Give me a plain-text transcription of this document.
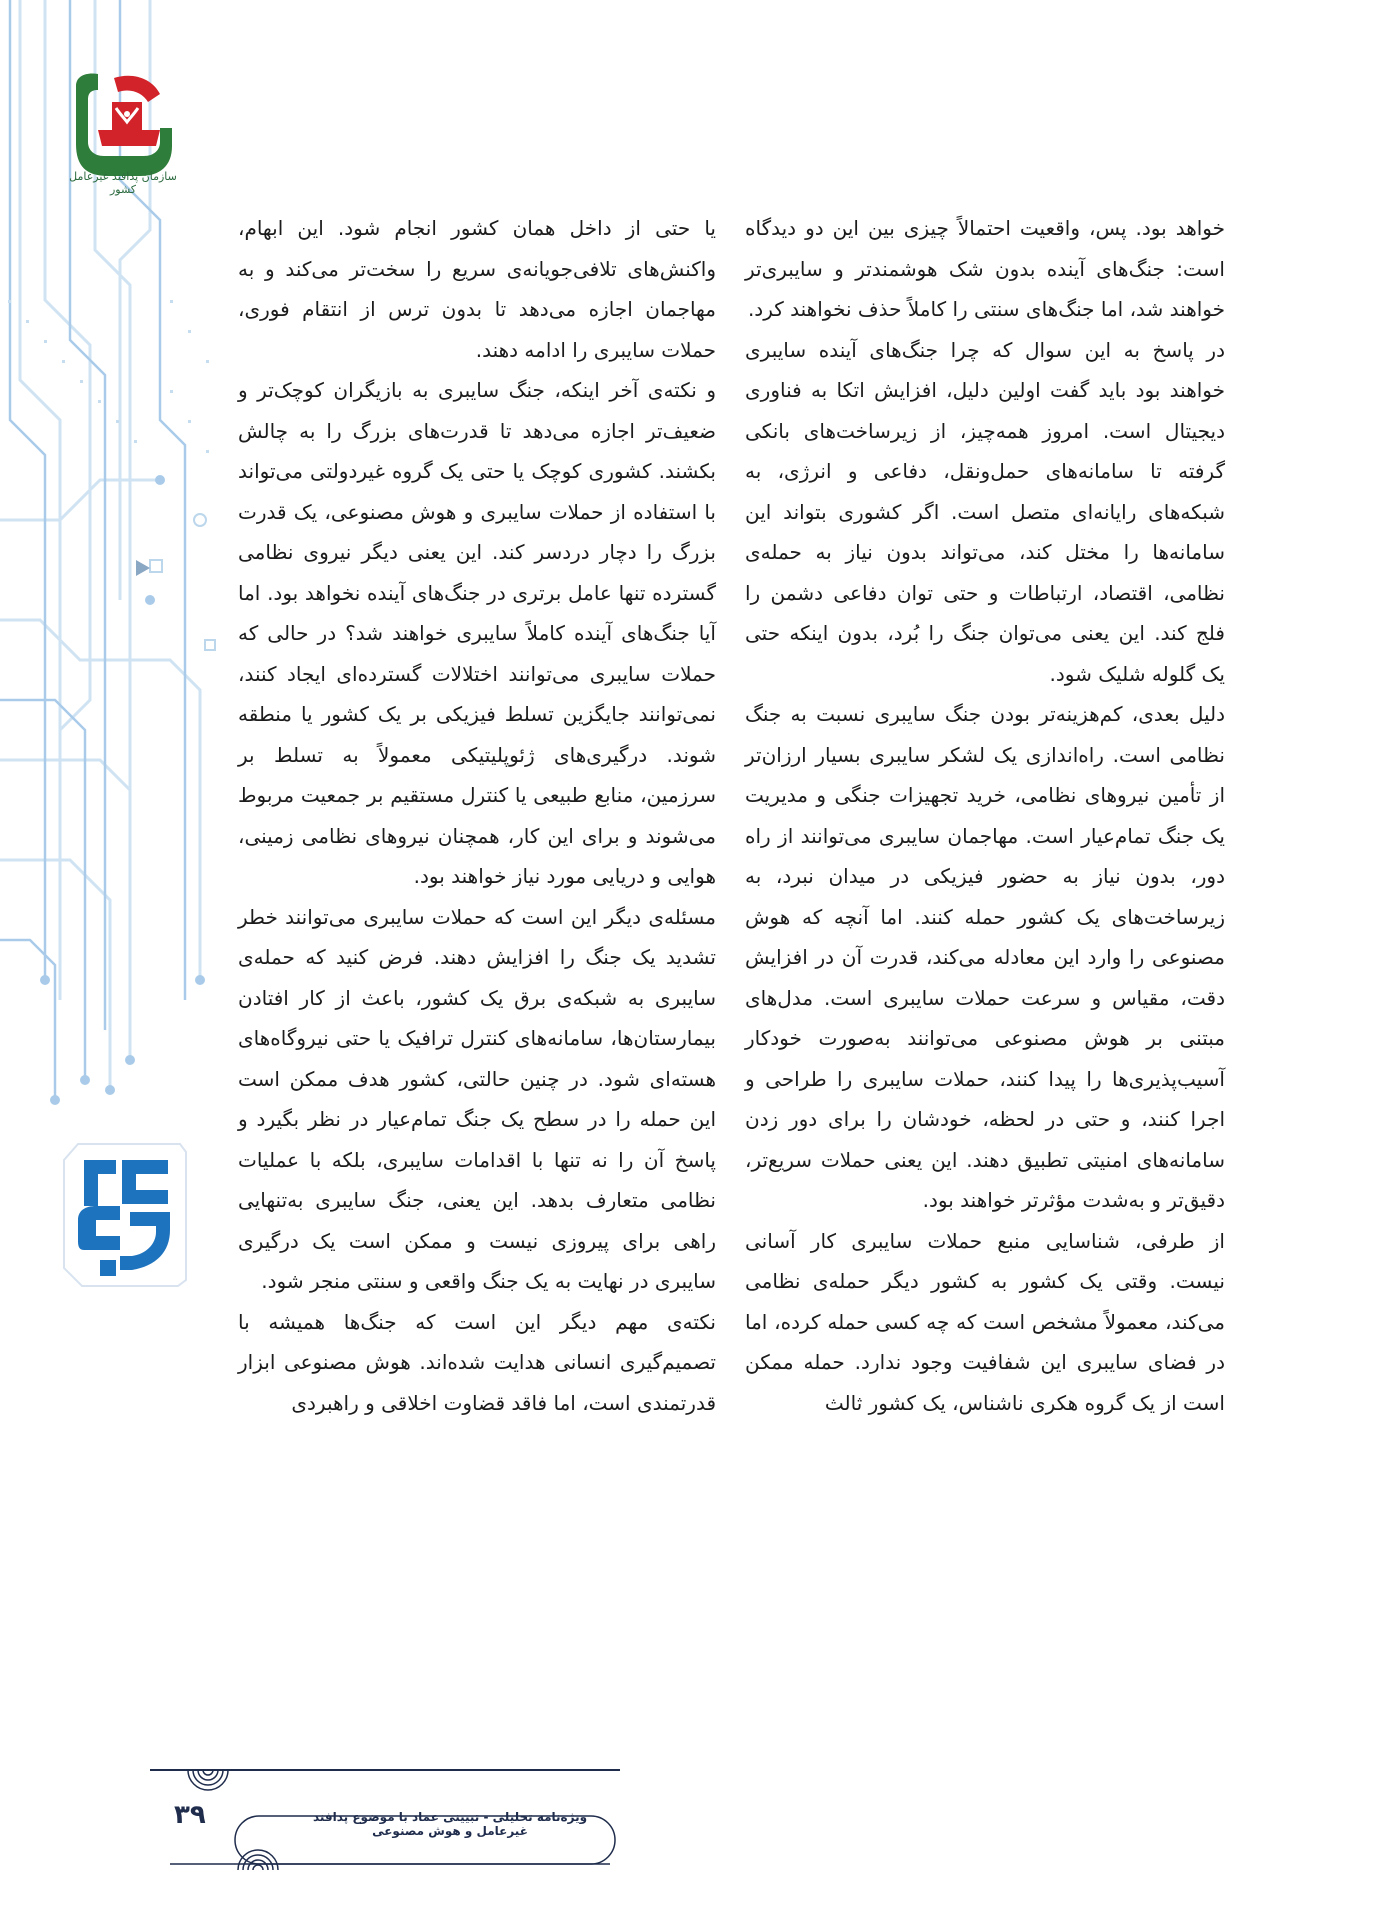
سازمان پدافند غیرعامل کشور

خواهد بود. پس، واقعیت احتمالاً چیزی بین این دو دیدگاه است: جنگ‌های آینده بدون شک هوشمندتر و سایبری‌تر خواهند شد، اما جنگ‌های سنتی را کاملاً حذف نخواهند کرد.

در پاسخ به این سوال که چرا جنگ‌های آینده سایبری خواهند بود باید گفت اولین دلیل، افزایش اتکا به فناوری دیجیتال است. امروز همه‌چیز، از زیرساخت‌های بانکی گرفته تا سامانه‌های حمل‌ونقل، دفاعی و انرژی، به شبکه‌های رایانه‌ای متصل است. اگر کشوری بتواند این سامانه‌ها را مختل کند، می‌تواند بدون نیاز به حمله‌ی نظامی، اقتصاد، ارتباطات و حتی توان دفاعی دشمن را فلج کند. این یعنی می‌توان جنگ را بُرد، بدون اینکه حتی یک گلوله شلیک شود.

دلیل بعدی، کم‌هزینه‌تر بودن جنگ سایبری نسبت به جنگ نظامی است. راه‌اندازی یک لشکر سایبری بسیار ارزان‌تر از تأمین نیروهای نظامی، خرید تجهیزات جنگی و مدیریت یک جنگ تمام‌عیار است. مهاجمان سایبری می‌توانند از راه دور، بدون نیاز به حضور فیزیکی در میدان نبرد، به زیرساخت‌های یک کشور حمله کنند. اما آنچه که هوش مصنوعی را وارد این معادله می‌کند، قدرت آن در افزایش دقت، مقیاس و سرعت حملات سایبری است. مدل‌های مبتنی بر هوش مصنوعی می‌توانند به‌صورت خودکار آسیب‌پذیری‌ها را پیدا کنند، حملات سایبری را طراحی و اجرا کنند، و حتی در لحظه، خودشان را برای دور زدن سامانه‌های امنیتی تطبیق دهند. این یعنی حملات سریع‌تر، دقیق‌تر و به‌شدت مؤثرتر خواهند بود.

از طرفی، شناسایی منبع حملات سایبری کار آسانی نیست. وقتی یک کشور به کشور دیگر حمله‌ی نظامی می‌کند، معمولاً مشخص است که چه کسی حمله کرده، اما در فضای سایبری این شفافیت وجود ندارد. حمله ممکن است از یک گروه هکری ناشناس، یک کشور ثالث

یا حتی از داخل همان کشور انجام شود. این ابهام، واکنش‌های تلافی‌جویانه‌ی سریع را سخت‌تر می‌کند و به مهاجمان اجازه می‌دهد تا بدون ترس از انتقام فوری، حملات سایبری را ادامه دهند.

و نکته‌ی آخر اینکه، جنگ سایبری به بازیگران کوچک‌تر و ضعیف‌تر اجازه می‌دهد تا قدرت‌های بزرگ را به چالش بکشند. کشوری کوچک یا حتی یک گروه غیردولتی می‌تواند با استفاده از حملات سایبری و هوش مصنوعی، یک قدرت بزرگ را دچار دردسر کند. این یعنی دیگر نیروی نظامی گسترده تنها عامل برتری در جنگ‌های آینده نخواهد بود. اما آیا جنگ‌های آینده کاملاً سایبری خواهند شد؟ در حالی که حملات سایبری می‌توانند اختلالات گسترده‌ای ایجاد کنند، نمی‌توانند جایگزین تسلط فیزیکی بر یک کشور یا منطقه شوند. درگیری‌های ژئوپلیتیکی معمولاً به تسلط بر سرزمین، منابع طبیعی یا کنترل مستقیم بر جمعیت مربوط می‌شوند و برای این کار، همچنان نیروهای نظامی زمینی، هوایی و دریایی مورد نیاز خواهند بود.

مسئله‌ی دیگر این است که حملات سایبری می‌توانند خطر تشدید یک جنگ را افزایش دهند. فرض کنید که حمله‌ی سایبری به شبکه‌ی برق یک کشور، باعث از کار افتادن بیمارستان‌ها، سامانه‌های کنترل ترافیک یا حتی نیروگاه‌های هسته‌ای شود. در چنین حالتی، کشور هدف ممکن است این حمله را در سطح یک جنگ تمام‌عیار در نظر بگیرد و پاسخ آن را نه تنها با اقدامات سایبری، بلکه با عملیات نظامی متعارف بدهد. این یعنی، جنگ سایبری به‌تنهایی راهی برای پیروزی نیست و ممکن است یک درگیری سایبری در نهایت به یک جنگ واقعی و سنتی منجر شود.

نکته‌ی مهم دیگر این است که جنگ‌ها همیشه با تصمیم‌گیری انسانی هدایت شده‌اند. هوش مصنوعی ابزار قدرتمندی است، اما فاقد قضاوت اخلاقی و راهبردی

ویژه‌نامه تحلیلی - تبیینی عماد با موضوع پدافند غیرعامل و هوش مصنوعی
۳۹
